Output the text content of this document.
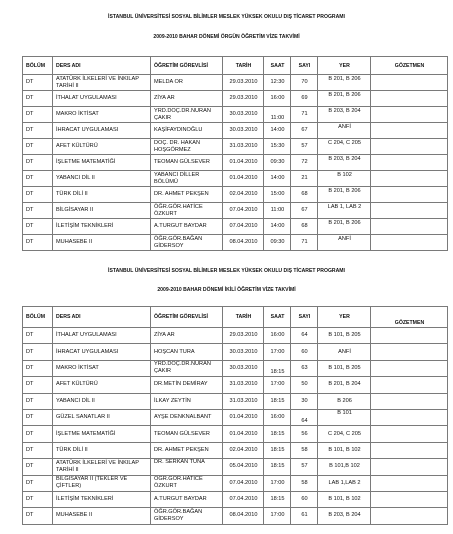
İSTANBUL ÜNİVERSİTESİ SOSYAL BİLİMLER MESLEK YÜKSEK OKULU DIŞ TİCARET PROGRAMI
2009-2010 BAHAR DÖNEMİ ÖRGÜN ÖĞRETİM VİZE TAKVİMİ
BÖLÜM	DERS ADI	ÖĞRETİM GÖREVLİSİ	TARİH	SAAT	SAYI	YER	GÖZETMEN
DT	ATATÜRK İLKELERİ VE İNKILAP TARİHİ II	MELDA OR	29.03.2010	12:30	70	B 201, B 206	
DT	İTHALAT UYGULAMASI	ZİYA AR	29.03.2010	16:00	69	B 201, B 206	
DT	MAKRO İKTİSAT	YRD.DOÇ.DR.NURAN ÇAKIR	30.03.2010	11:00	71	B 203, B 204	
DT	İHRACAT UYGULAMASI	KAŞİFAYDINOĞLU	30.03.2010	14:00	67	ANFİ	
DT	AFET KÜLTÜRÜ	DOÇ. DR. HAKAN HOŞGÖRMEZ	31.03.2010	15:30	57	C 204, C 205	
DT	İŞLETME MATEMATİĞİ	TEOMAN GÜLSEVER	01.04.2010	09:30	72	B 203, B 204	
DT	YABANCI DİL II	YABANCI DİLLER BÖLÜMÜ	01.04.2010	14:00	21	B 102	
DT	TÜRK DİLİ II	DR. AHMET PEKŞEN	02.04.2010	15:00	68	B 201, B 206	
DT	BİLGİSAYAR II	ÖĞR.GÖR.HATİCE ÖZKURT	07.04.2010	11:00	67	LAB 1, LAB 2	
DT	İLETİŞİM TEKNİKLERİ	A.TURGUT BAYDAR	07.04.2010	14:00	68	B 201, B 206	
DT	MUHASEBE II	ÖĞR.GÖR.BAĞAN GİDERSOY	08.04.2010	09:30	71	ANFİ	
İSTANBUL ÜNİVERSİTESİ SOSYAL BİLİMLER MESLEK YÜKSEK OKULU DIŞ TİCARET PROGRAMI
2009-2010 BAHAR DÖNEMİ İKİLİ ÖĞRETİM VİZE TAKVİMİ
BÖLÜM	DERS ADI	ÖĞRETİM GÖREVLİSİ	TARİH	SAAT	SAYI	YER	GÖZETMEN
DT	İTHALAT UYGULAMASI	ZİYA AR	29.03.2010	16:00	64	B 101, B 205	
DT	İHRACAT UYGULAMASI	HOŞCAN TURA	30.03.2010	17:00	60	ANFİ	
DT	MAKRO İKTİSAT	YRD.DOÇ.DR.NURAN ÇAKIR	30.03.2010	18:15	63	B 101, B 205	
DT	AFET KÜLTÜRÜ	DR.METİN DEMİRAY	31.03.2010	17:00	50	B 201, B 204	
DT	YABANCI DİL II	İLKAY ZEYTİN	31.03.2010	18:15	30	B 206	
DT	GÜZEL SANATLAR II	AYŞE DENKNALBANT	01.04.2010	16:00	64	B 101	
DT	İŞLETME MATEMATİĞİ	TEOMAN GÜLSEVER	01.04.2010	18:15	56	C 204, C 205	
DT	TÜRK DİLİ II	DR. AHMET PEKŞEN	02.04.2010	18:15	58	B 101, B 102	
DT	ATATÜRK İLKELERİ VE İNKILAP TARİHİ II	DR. SERKAN TUNA	05.04.2010	18:15	57	B 101,B 102	
DT	BİLGİSAYAR II (TEKLER VE ÇİFTLER)	ÖĞR.GÖR.HATİCE ÖZKURT	07.04.2010	17:00	58	LAB 1,LAB 2	
DT	İLETİŞİM TEKNİKLERİ	A.TURGUT BAYDAR	07.04.2010	18:15	60	B 101, B 102	
DT	MUHASEBE II	ÖĞR.GÖR.BAĞAN GİDERSOY	08.04.2010	17:00	61	B 203, B 204	
